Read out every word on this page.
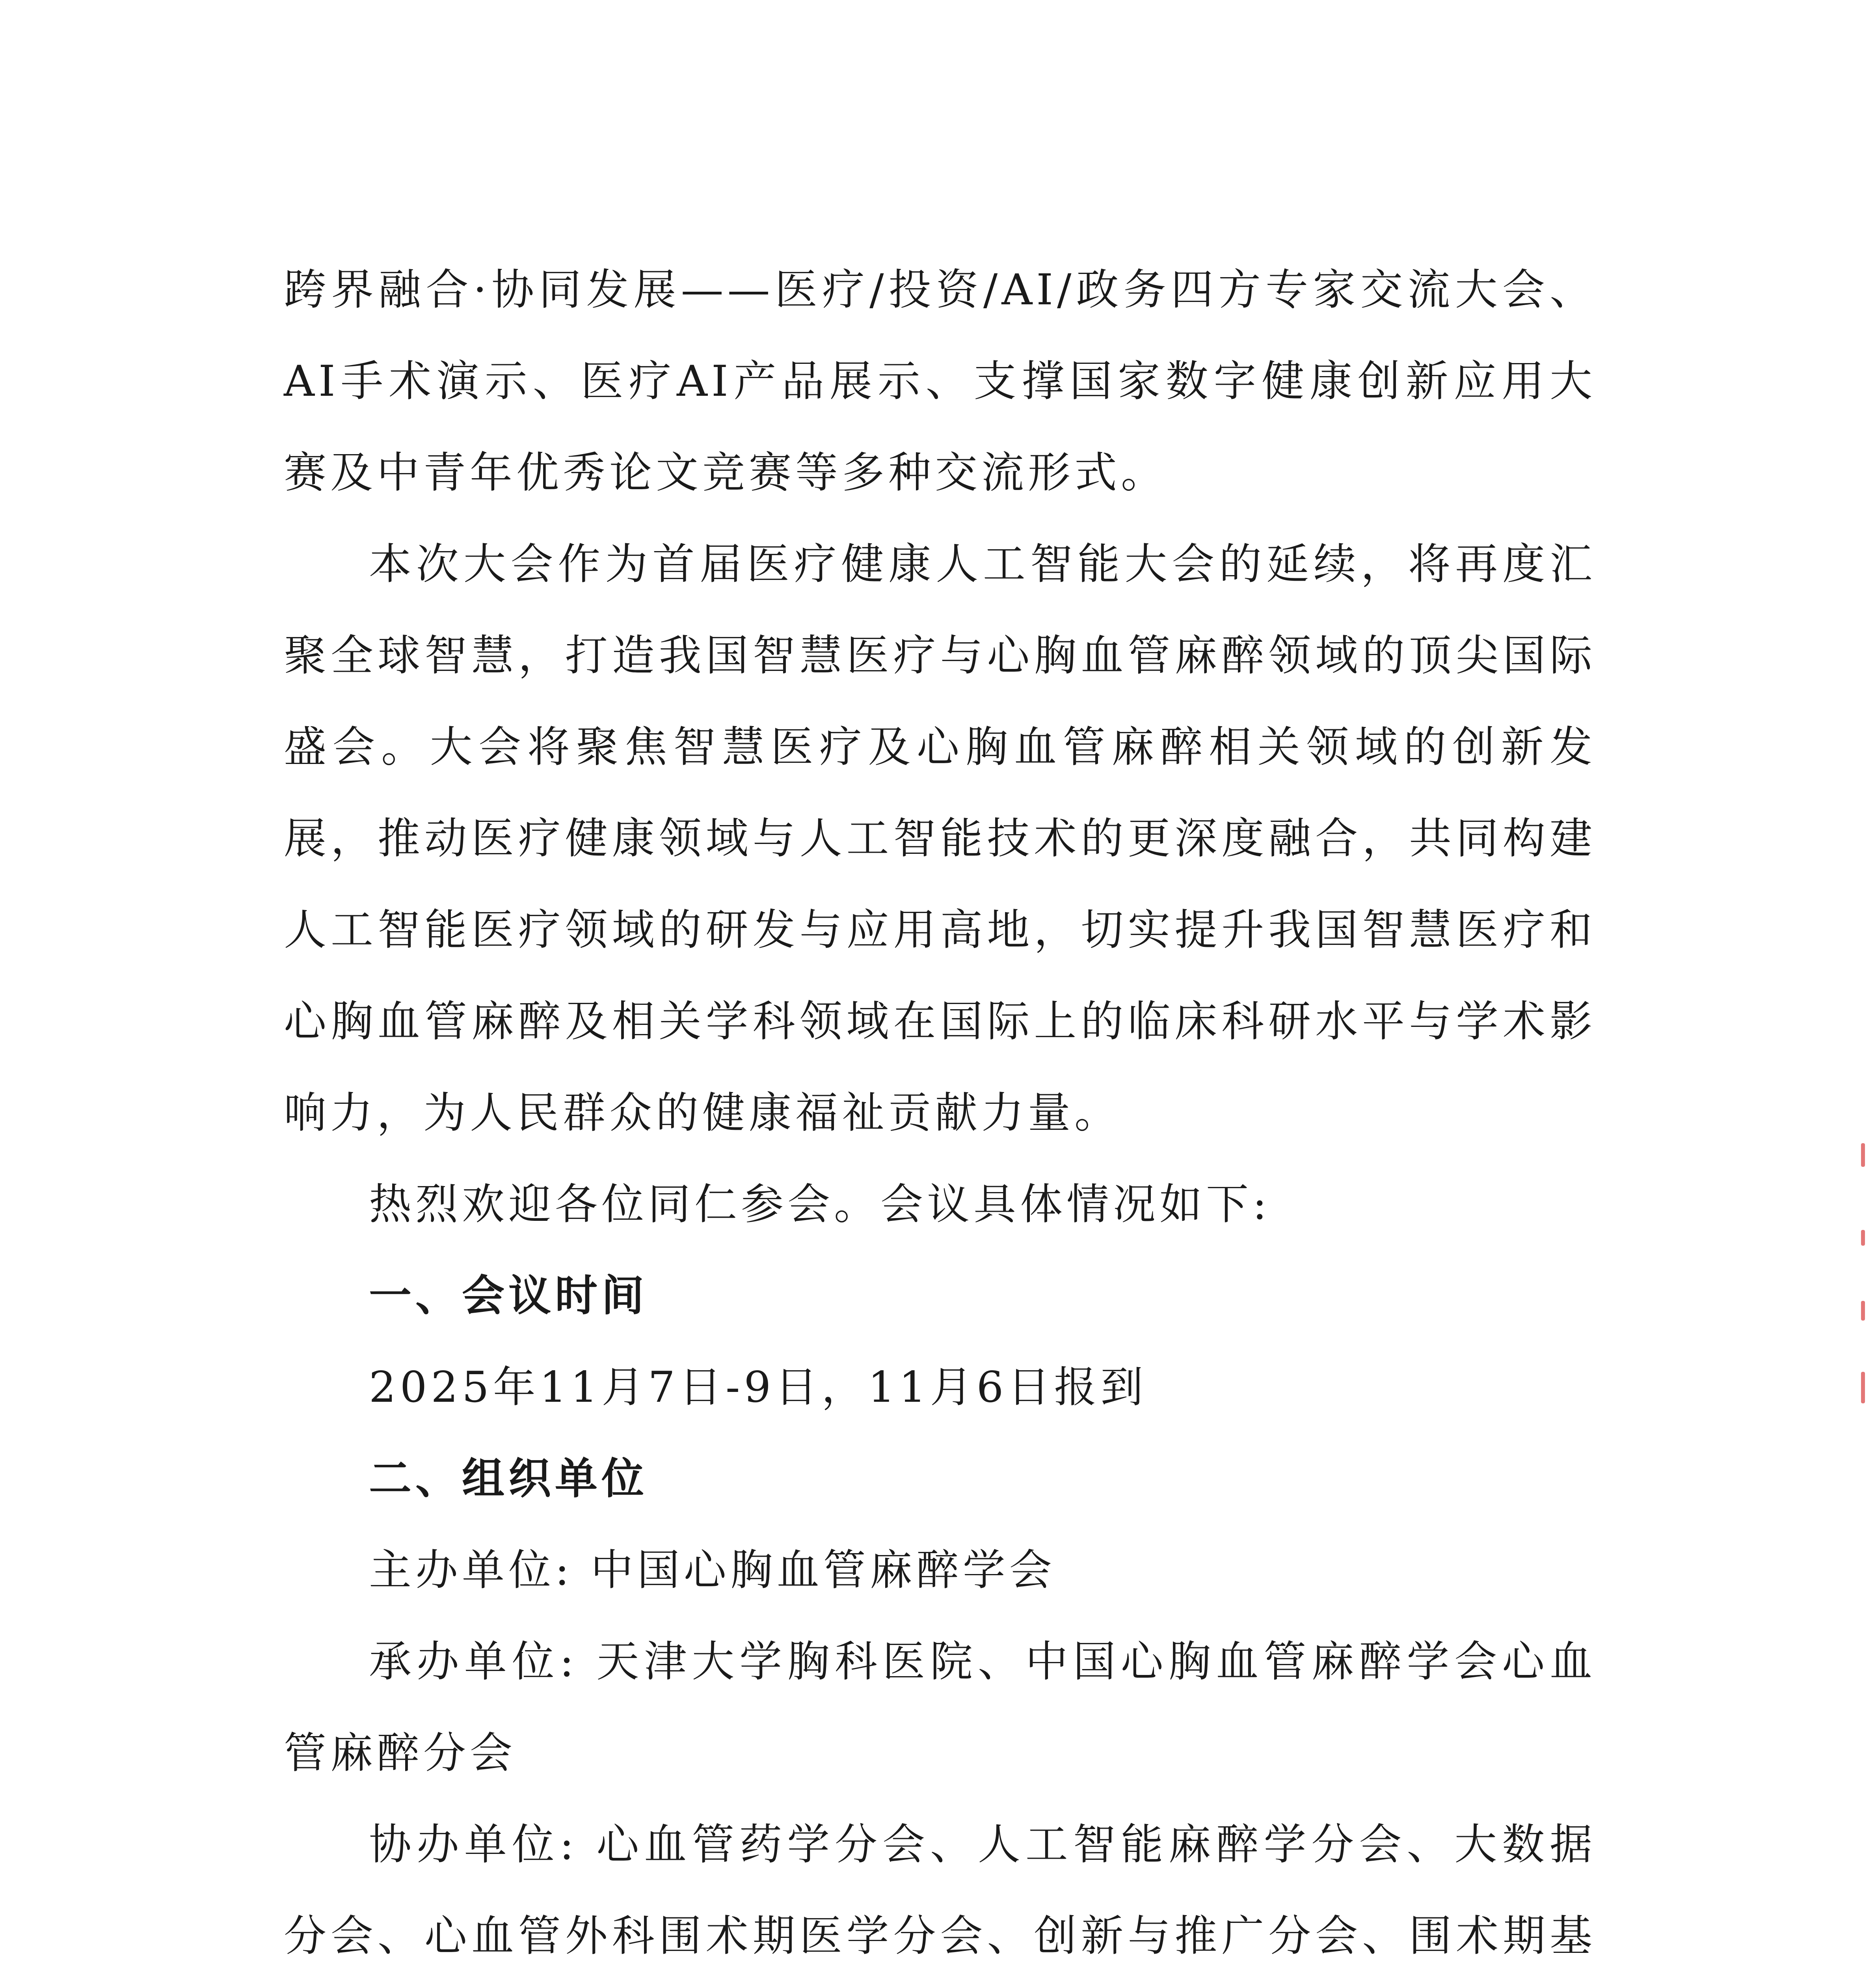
跨界融合·协同发展——医疗/投资/AI/政务四方专家交流大会、AI手术演示、医疗AI产品展示、支撑国家数字健康创新应用大赛及中青年优秀论文竞赛等多种交流形式。

本次大会作为首届医疗健康人工智能大会的延续，将再度汇聚全球智慧，打造我国智慧医疗与心胸血管麻醉领域的顶尖国际盛会。大会将聚焦智慧医疗及心胸血管麻醉相关领域的创新发展，推动医疗健康领域与人工智能技术的更深度融合，共同构建人工智能医疗领域的研发与应用高地，切实提升我国智慧医疗和心胸血管麻醉及相关学科领域在国际上的临床科研水平与学术影响力，为人民群众的健康福祉贡献力量。

热烈欢迎各位同仁参会。会议具体情况如下:

一、会议时间

2025年11月7日-9日，11月6日报到

二、组织单位

主办单位: 中国心胸血管麻醉学会

承办单位: 天津大学胸科医院、中国心胸血管麻醉学会心血管麻醉分会

协办单位: 心血管药学分会、人工智能麻醉学分会、大数据分会、心血管外科围术期医学分会、创新与推广分会、围术期基
